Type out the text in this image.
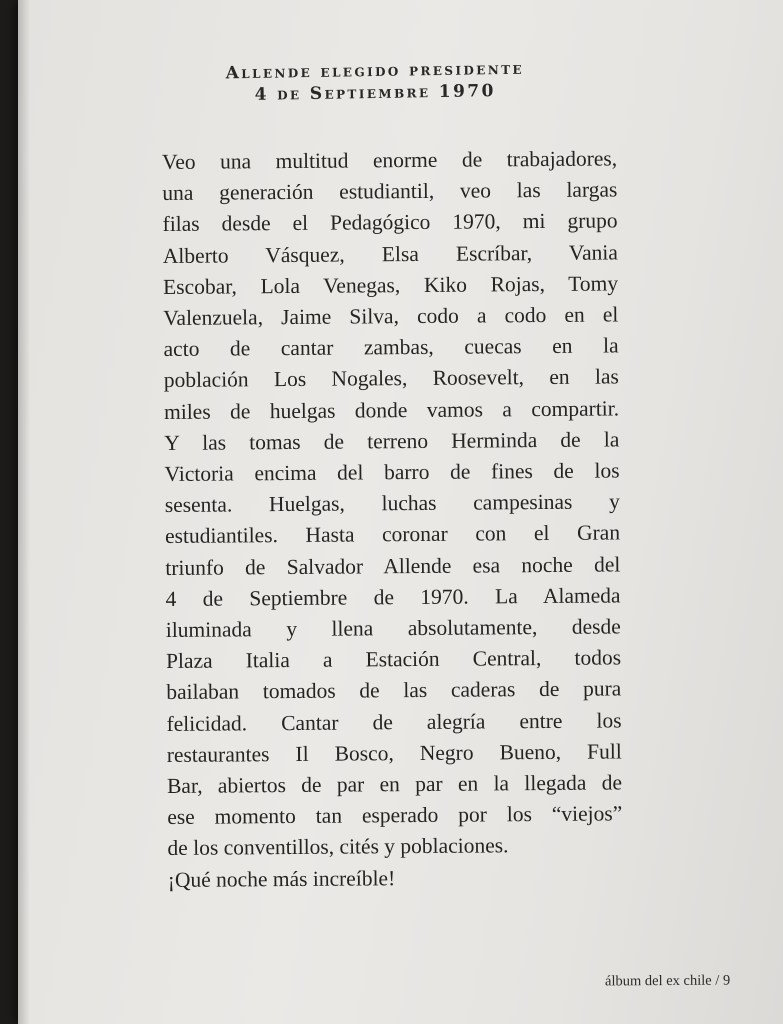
Allende elegido presidente
4 de Septiembre 1970
Veo una multitud enorme de trabajadores,
una generación estudiantil, veo las largas
filas desde el Pedagógico 1970, mi grupo
Alberto Vásquez, Elsa Escríbar, Vania
Escobar, Lola Venegas, Kiko Rojas, Tomy
Valenzuela, Jaime Silva, codo a codo en el
acto de cantar zambas, cuecas en la
población Los Nogales, Roosevelt, en las
miles de huelgas donde vamos a compartir.
Y las tomas de terreno Herminda de la
Victoria encima del barro de fines de los
sesenta. Huelgas, luchas campesinas y
estudiantiles. Hasta coronar con el Gran
triunfo de Salvador Allende esa noche del
4 de Septiembre de 1970. La Alameda
iluminada y llena absolutamente, desde
Plaza Italia a Estación Central, todos
bailaban tomados de las caderas de pura
felicidad. Cantar de alegría entre los
restaurantes Il Bosco, Negro Bueno, Full
Bar, abiertos de par en par en la llegada de
ese momento tan esperado por los “viejos”
de los conventillos, cités y poblaciones.
¡Qué noche más increíble!
álbum del ex chile / 9
